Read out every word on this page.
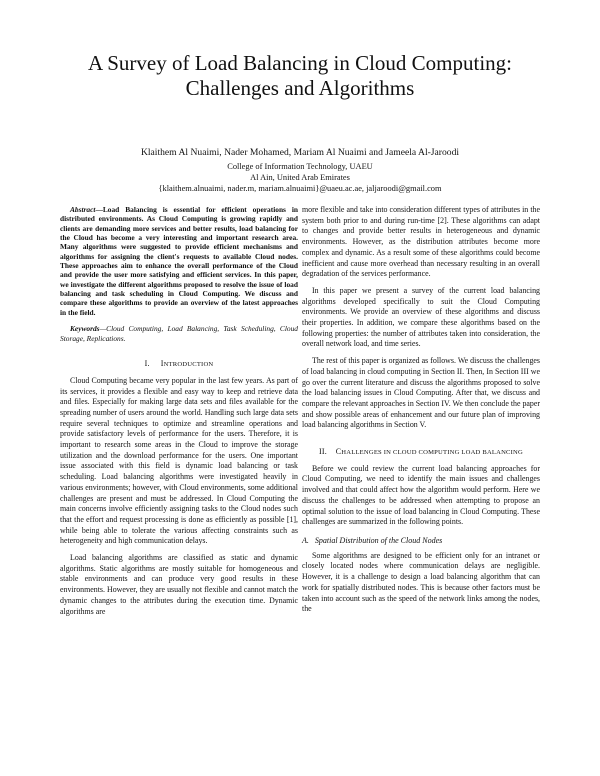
A Survey of Load Balancing in Cloud Computing:
Challenges and Algorithms
Klaithem Al Nuaimi, Nader Mohamed, Mariam Al Nuaimi and Jameela Al-Jaroodi
College of Information Technology, UAEU
Al Ain, United Arab Emirates
{klaithem.alnuaimi, nader.m, mariam.alnuaimi}@uaeu.ac.ae, jaljaroodi@gmail.com

Abstract—Load Balancing is essential for efficient operations in distributed environments. As Cloud Computing is growing rapidly and clients are demanding more services and better results, load balancing for the Cloud has become a very interesting and important research area. Many algorithms were suggested to provide efficient mechanisms and algorithms for assigning the client's requests to available Cloud nodes. These approaches aim to enhance the overall performance of the Cloud and provide the user more satisfying and efficient services. In this paper, we investigate the different algorithms proposed to resolve the issue of load balancing and task scheduling in Cloud Computing. We discuss and compare these algorithms to provide an overview of the latest approaches in the field.

Keywords—Cloud Computing, Load Balancing, Task Scheduling, Cloud Storage, Replications.

I. INTRODUCTION

Cloud Computing became very popular in the last few years. As part of its services, it provides a flexible and easy way to keep and retrieve data and files. Especially for making large data sets and files available for the spreading number of users around the world. Handling such large data sets require several techniques to optimize and streamline operations and provide satisfactory levels of performance for the users. Therefore, it is important to research some areas in the Cloud to improve the storage utilization and the download performance for the users. One important issue associated with this field is dynamic load balancing or task scheduling. Load balancing algorithms were investigated heavily in various environments; however, with Cloud environments, some additional challenges are present and must be addressed. In Cloud Computing the main concerns involve efficiently assigning tasks to the Cloud nodes such that the effort and request processing is done as efficiently as possible [1], while being able to tolerate the various affecting constraints such as heterogeneity and high communication delays.

Load balancing algorithms are classified as static and dynamic algorithms. Static algorithms are mostly suitable for homogeneous and stable environments and can produce very good results in these environments. However, they are usually not flexible and cannot match the dynamic changes to the attributes during the execution time. Dynamic algorithms are

more flexible and take into consideration different types of attributes in the system both prior to and during run-time [2]. These algorithms can adapt to changes and provide better results in heterogeneous and dynamic environments. However, as the distribution attributes become more complex and dynamic. As a result some of these algorithms could become inefficient and cause more overhead than necessary resulting in an overall degradation of the services performance.

In this paper we present a survey of the current load balancing algorithms developed specifically to suit the Cloud Computing environments. We provide an overview of these algorithms and discuss their properties. In addition, we compare these algorithms based on the following properties: the number of attributes taken into consideration, the overall network load, and time series.

The rest of this paper is organized as follows. We discuss the challenges of load balancing in cloud computing in Section II. Then, In Section III we go over the current literature and discuss the algorithms proposed to solve the load balancing issues in Cloud Computing. After that, we discuss and compare the relevant approaches in Section IV. We then conclude the paper and show possible areas of enhancement and our future plan of improving load balancing algorithms in Section V.

II. CHALLENGES IN CLOUD COMPUTING LOAD BALANCING

Before we could review the current load balancing approaches for Cloud Computing, we need to identify the main issues and challenges involved and that could affect how the algorithm would perform. Here we discuss the challenges to be addressed when attempting to propose an optimal solution to the issue of load balancing in Cloud Computing. These challenges are summarized in the following points.

A. Spatial Distribution of the Cloud Nodes

Some algorithms are designed to be efficient only for an intranet or closely located nodes where communication delays are negligible. However, it is a challenge to design a load balancing algorithm that can work for spatially distributed nodes. This is because other factors must be taken into account such as the speed of the network links among the nodes, the
